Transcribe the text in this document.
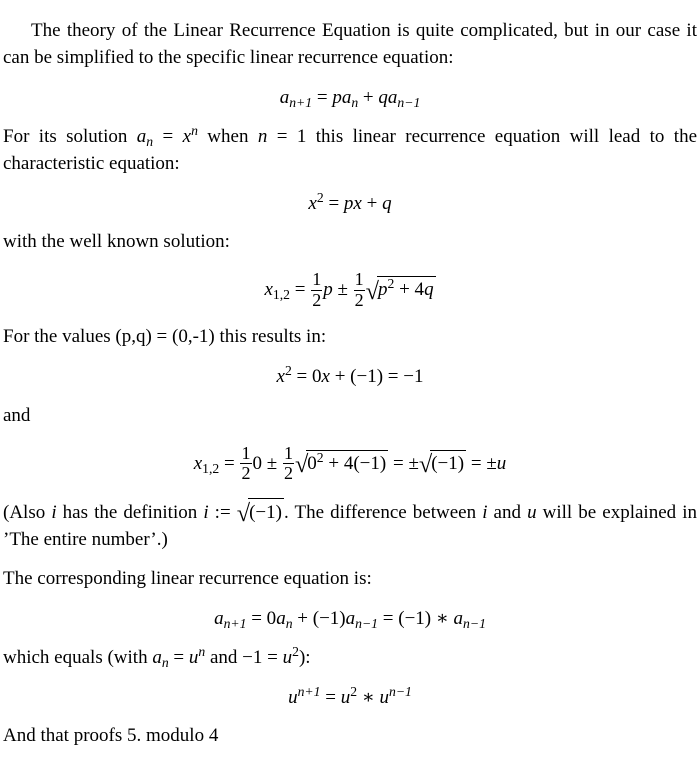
The theory of the Linear Recurrence Equation is quite complicated, but in our case it can be simplified to the specific linear recurrence equation:

$a_{n+1} = pa_n + qa_{n-1}$

For its solution $a_n = x^n$ when n = 1 this linear recurrence equation will lead to the characteristic equation:

$x^2$ = px + q

with the well known solution:

$x_{1,2} = \frac{1}{2}$ $p \pm \frac{1}{2} √p^2 + 4q$

For the values (p,q) = (0,-1) this results in:

$x^2 = 0x + (-1) = -1$

and

$x_{1,2} = \frac{1}{2} 0 \pm \frac{1}{2} √0^2 + 4(-1) = \pm√(-1) = \pm u$

(Also i has the definition i := √(−1) . The difference between i and u will be explained in ’The entire number’.)

The corresponding linear recurrence equation is:

$a_{n+1} = 0a_n + (-1)a_{n-1} = (-1)$ ∗ $a_{n-1}$

which equals (with $a_n = u^n$ and $-1 = u^2$):

$u^{n+1} = u^2$ ∗ $u^{n-1}$

And that proofs 5. modulo 4
